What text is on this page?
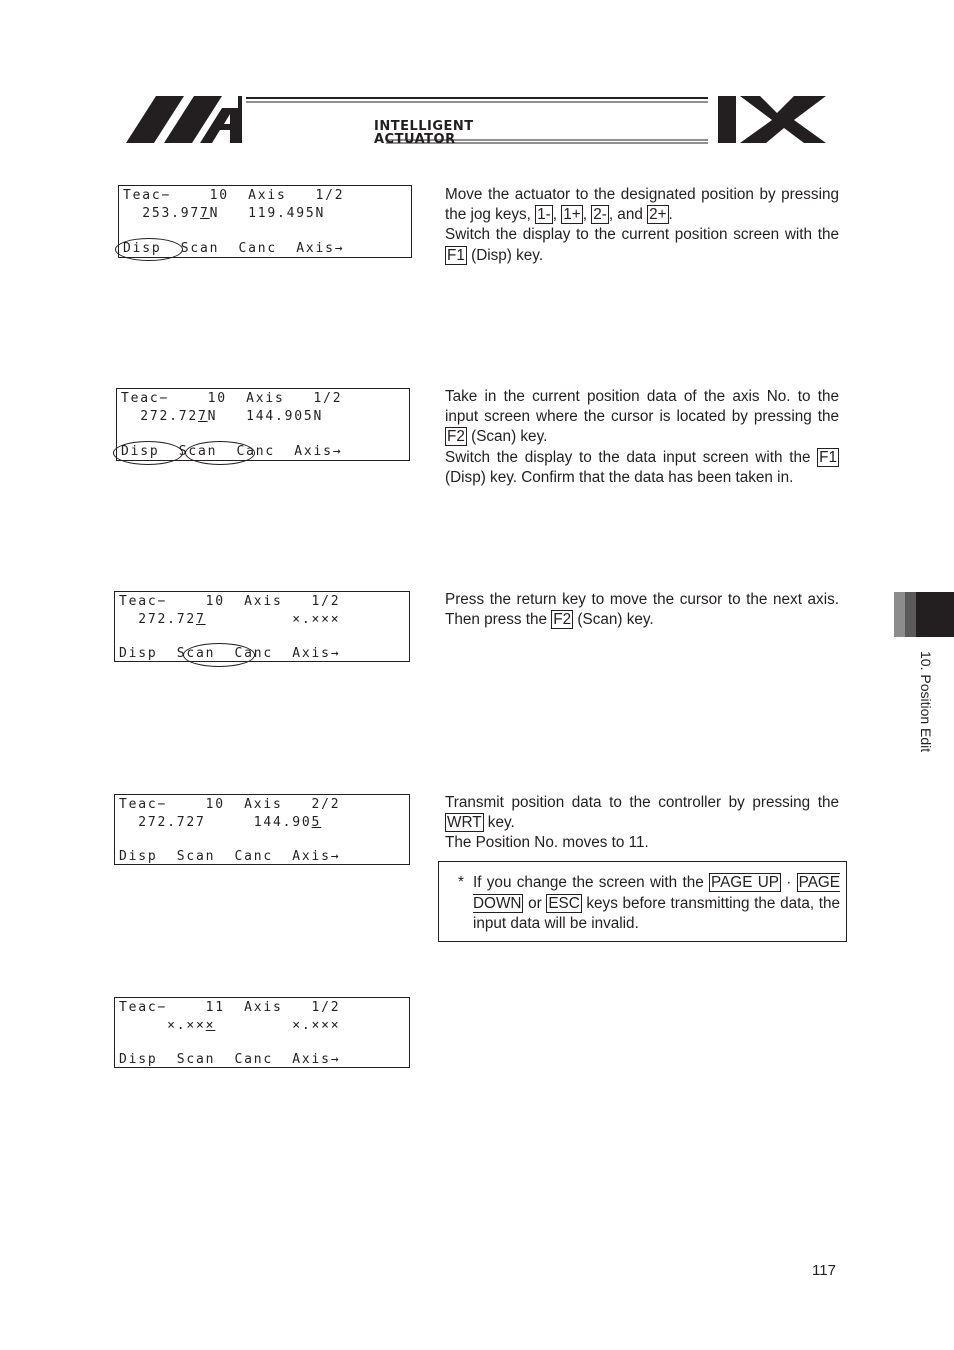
INTELLIGENT
ACTUATOR
Teac−    10  Axis   1/2
253.977N   119.495N
Disp  Scan  Canc  Axis→
Teac−    10  Axis   1/2
272.727N   144.905N
Disp  Scan  Canc  Axis→
Teac−    10  Axis   1/2
272.727         ×.×××
Disp  Scan  Canc  Axis→
Teac−    10  Axis   2/2
272.727     144.905
Disp  Scan  Canc  Axis→
Teac−    11  Axis   1/2
×.×××        ×.×××
Disp  Scan  Canc  Axis→

Move the actuator to the designated position by pressing the jog keys, 1- , 1+ , 2- , and 2+ .

Switch the display to the current position screen with the F1 (Disp) key.

Take in the current position data of the axis No. to the input screen where the cursor is located by pressing the F2 (Scan) key.

Switch the display to the data input screen with the F1 (Disp) key. Confirm that the data has been taken in.

Press the return key to move the cursor to the next axis. Then press the F2 (Scan) key.

Transmit position data to the controller by pressing the WRT key.

The Position No. moves to 11.

* If you change the screen with the PAGE UP · PAGE DOWN or ESC keys before transmitting the data, the input data will be invalid.
10. Position Edit
117
